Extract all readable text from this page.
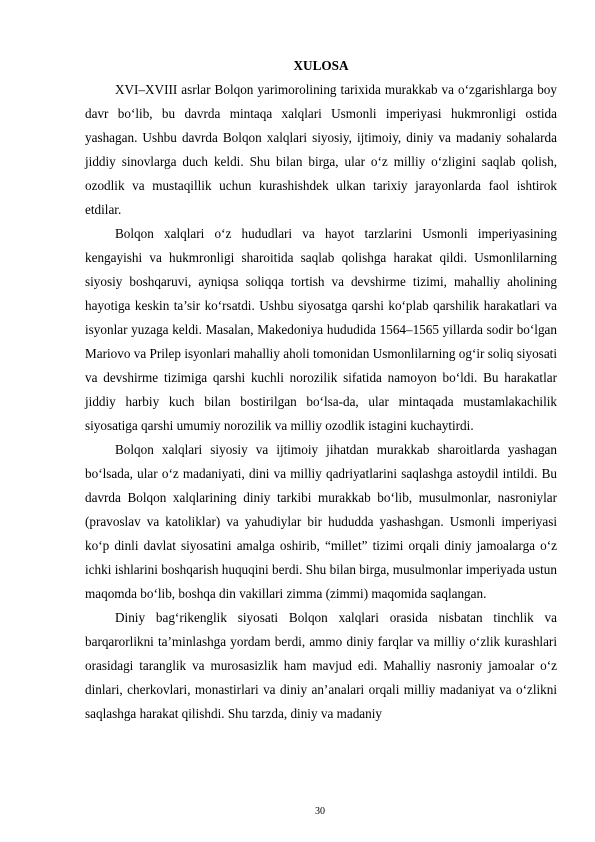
XULOSA

XVI–XVIII asrlar Bolqon yarimorolining tarixida murakkab va o‘zgarishlarga boy davr bo‘lib, bu davrda mintaqa xalqlari Usmonli imperiyasi hukmronligi ostida yashagan. Ushbu davrda Bolqon xalqlari siyosiy, ijtimoiy, diniy va madaniy sohalarda jiddiy sinovlarga duch keldi. Shu bilan birga, ular o‘z milliy o‘zligini saqlab qolish, ozodlik va mustaqillik uchun kurashishdek ulkan tarixiy jarayonlarda faol ishtirok etdilar.

Bolqon xalqlari o‘z hududlari va hayot tarzlarini Usmonli imperiyasining kengayishi va hukmronligi sharoitida saqlab qolishga harakat qildi. Usmonlilarning siyosiy boshqaruvi, ayniqsa soliqqa tortish va devshirme tizimi, mahalliy aholining hayotiga keskin ta’sir ko‘rsatdi. Ushbu siyosatga qarshi ko‘plab qarshilik harakatlari va isyonlar yuzaga keldi. Masalan, Makedoniya hududida 1564–1565 yillarda sodir bo‘lgan Mariovo va Prilep isyonlari mahalliy aholi tomonidan Usmonlilarning og‘ir soliq siyosati va devshirme tizimiga qarshi kuchli norozilik sifatida namoyon bo‘ldi. Bu harakatlar jiddiy harbiy kuch bilan bostirilgan bo‘lsa-da, ular mintaqada mustamlakachilik siyosatiga qarshi umumiy norozilik va milliy ozodlik istagini kuchaytirdi.

Bolqon xalqlari siyosiy va ijtimoiy jihatdan murakkab sharoitlarda yashagan bo‘lsada, ular o‘z madaniyati, dini va milliy qadriyatlarini saqlashga astoydil intildi. Bu davrda Bolqon xalqlarining diniy tarkibi murakkab bo‘lib, musulmonlar, nasroniylar (pravoslav va katoliklar) va yahudiylar bir hududda yashashgan. Usmonli imperiyasi ko‘p dinli davlat siyosatini amalga oshirib, “millet” tizimi orqali diniy jamoalarga o‘z ichki ishlarini boshqarish huquqini berdi. Shu bilan birga, musulmonlar imperiyada ustun maqomda bo‘lib, boshqa din vakillari zimma (zimmi) maqomida saqlangan.

Diniy bag‘rikenglik siyosati Bolqon xalqlari orasida nisbatan tinchlik va barqarorlikni ta’minlashga yordam berdi, ammo diniy farqlar va milliy o‘zlik kurashlari orasidagi taranglik va murosasizlik ham mavjud edi. Mahalliy nasroniy jamoalar o‘z dinlari, cherkovlari, monastirlari va diniy an’analari orqali milliy madaniyat va o‘zlikni saqlashga harakat qilishdi. Shu tarzda, diniy va madaniy

30
